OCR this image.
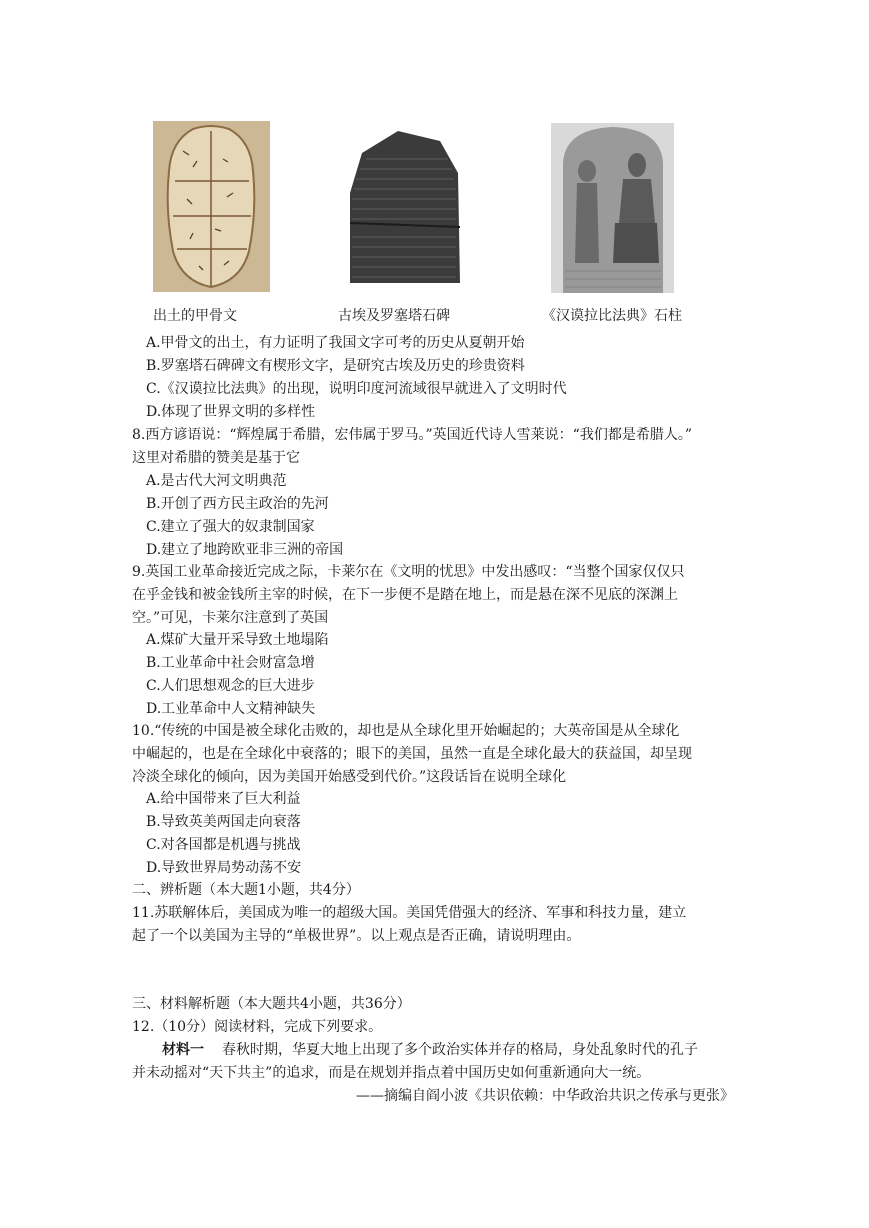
出土的甲骨文	古埃及罗塞塔石碑	《汉谟拉比法典》石柱
A.甲骨文的出土，有力证明了我国文字可考的历史从夏朝开始
B.罗塞塔石碑碑文有楔形文字，是研究古埃及历史的珍贵资料
C.《汉谟拉比法典》的出现，说明印度河流域很早就进入了文明时代
D.体现了世界文明的多样性
8.西方谚语说：“辉煌属于希腊，宏伟属于罗马。”英国近代诗人雪莱说：“我们都是希腊人。”
这里对希腊的赞美是基于它
A.是古代大河文明典范
B.开创了西方民主政治的先河
C.建立了强大的奴隶制国家
D.建立了地跨欧亚非三洲的帝国
9.英国工业革命接近完成之际，卡莱尔在《文明的忧思》中发出感叹：“当整个国家仅仅只
在乎金钱和被金钱所主宰的时候，在下一步便不是踏在地上，而是悬在深不见底的深渊上
空。”可见，卡莱尔注意到了英国
A.煤矿大量开采导致土地塌陷
B.工业革命中社会财富急增
C.人们思想观念的巨大进步
D.工业革命中人文精神缺失
10.“传统的中国是被全球化击败的，却也是从全球化里开始崛起的；大英帝国是从全球化
中崛起的，也是在全球化中衰落的；眼下的美国，虽然一直是全球化最大的获益国，却呈现
冷淡全球化的倾向，因为美国开始感受到代价。”这段话旨在说明全球化
A.给中国带来了巨大利益
B.导致英美两国走向衰落
C.对各国都是机遇与挑战
D.导致世界局势动荡不安
二、辨析题（本大题1小题，共4分）
11.苏联解体后，美国成为唯一的超级大国。美国凭借强大的经济、军事和科技力量，建立
起了一个以美国为主导的“单极世界”。以上观点是否正确，请说明理由。
三、材料解析题（本大题共4小题，共36分）
12.（10分）阅读材料，完成下列要求。
材料一 春秋时期，华夏大地上出现了多个政治实体并存的格局，身处乱象时代的孔子
并未动摇对“天下共主”的追求，而是在规划并指点着中国历史如何重新通向大一统。
——摘编自阎小波《共识依赖：中华政治共识之传承与更张》
